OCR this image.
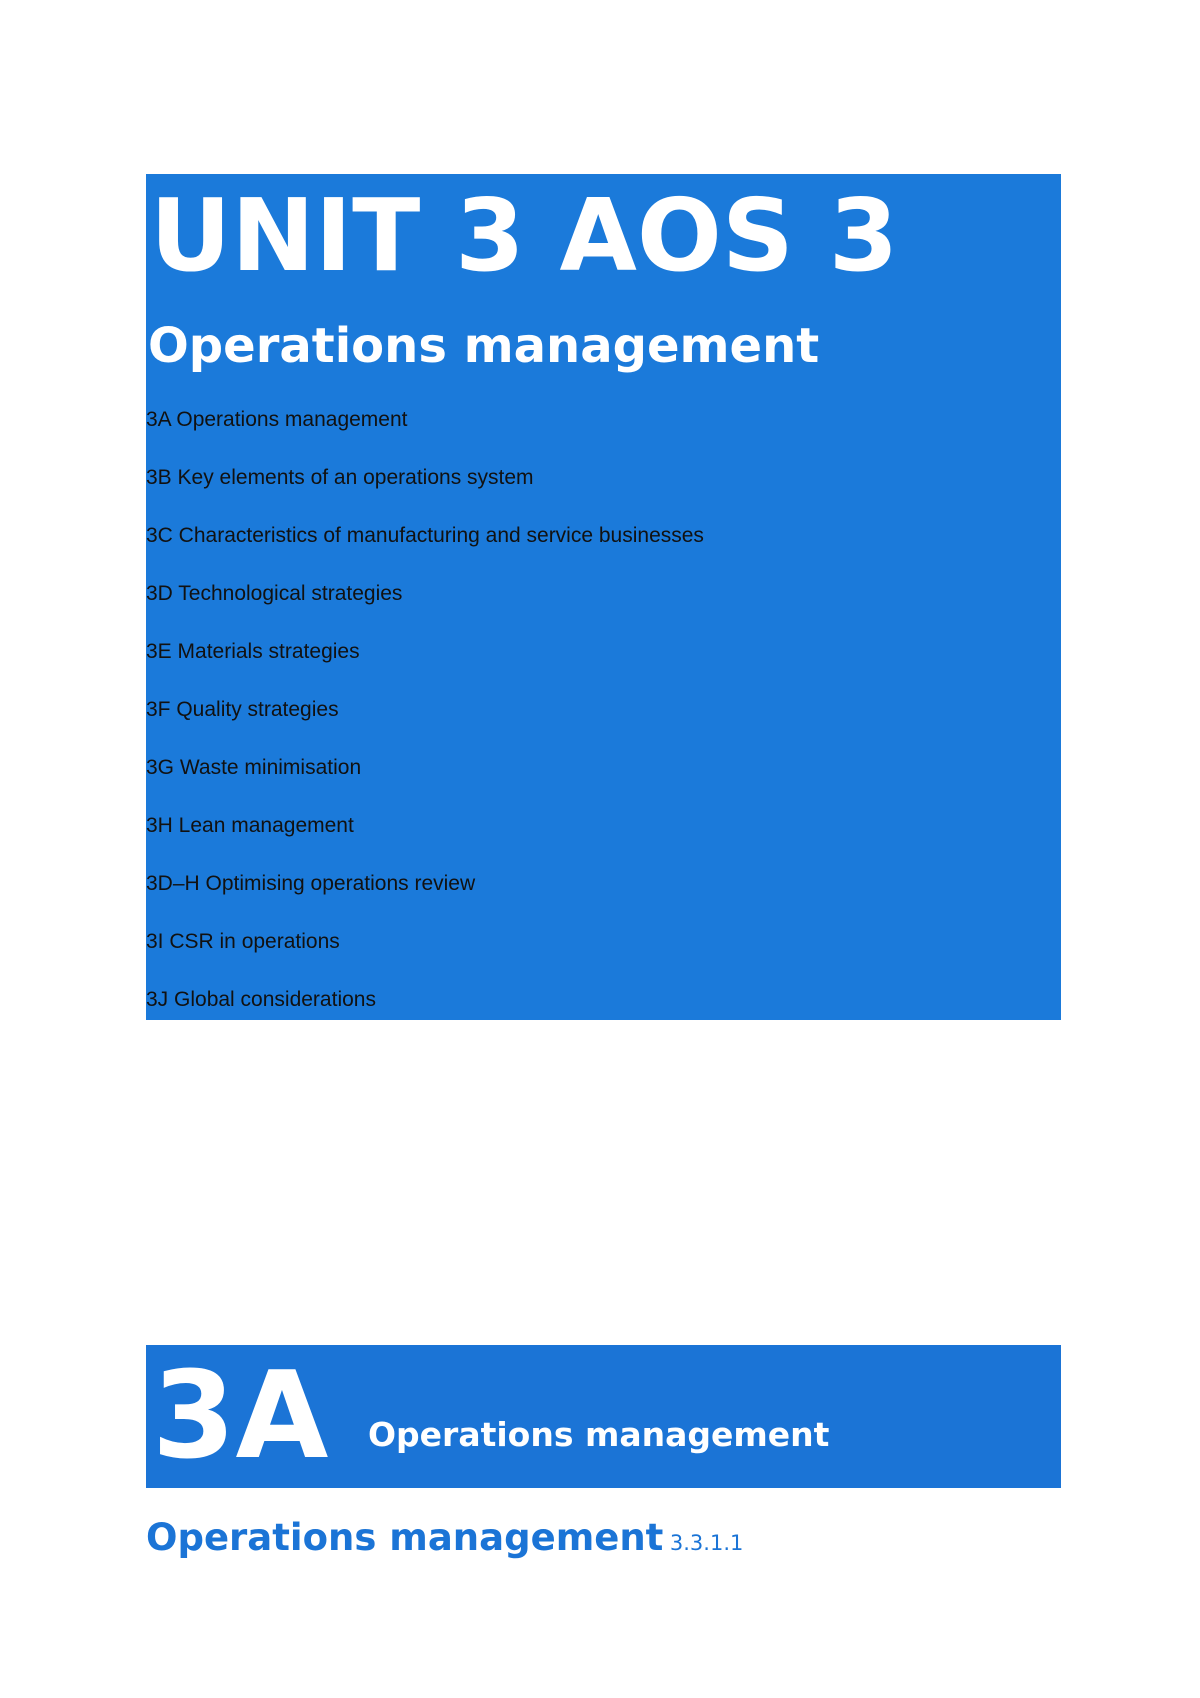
UNIT 3 AOS 3
Operations management
3A Operations management
3B Key elements of an operations system
3C Characteristics of manufacturing and service businesses
3D Technological strategies
3E Materials strategies
3F Quality strategies
3G Waste minimisation
3H Lean management
3D–H Optimising operations review
3I CSR in operations
3J Global considerations
3A Operations management
Operations management 3.3.1.1
